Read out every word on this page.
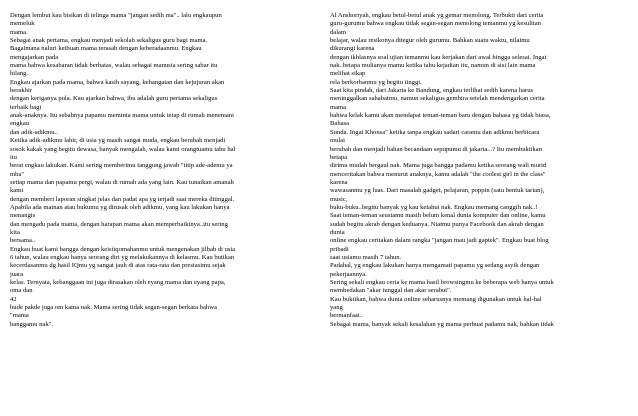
Dengan lembut kau bisikan di telinga mama "jangan sedih ma".. lalu engkaupun
memeluk
mama.
Sebagai anak pertama, engkau menjadi sekolah sekaligus guru bagi mama.
Bagaimana naluri keibuan mama terasah dengan keberadaanmu. Engkau
mengajarkan pada
mama bahwa kesabaran tidak berbatas, walau sebagai manusia sering sabar itu
hilang.
Engkau ajarkan pada mama, bahwa kasih sayang, kehangatan dan kejujuran akan
berakhir
dengan keriganya pula. Kau ajarkan bahwa, ibu adalah guru pertama sekaligus
terbaik bagi
anak-anaknya. Itu sebabnya papamu meminta mama untuk tetap di rumah menemani
engkau
dan adik-adikmu..
Ketika adik-adikmu lahir, di usia yg masih sangat muda, engkau berubah menjadi
sosok kakak yang begitu dewasa, banyak mengalah, walau kami orangtuamu tahu hal
itu
berat engkau lakukan. Kami sering memberimu tanggung jawab "titip ade-ademu ya
mba"
setiap mama dan papamu pergi, walau di rumah ada yang lain. Kau tunaikan amanah
kami
dengan memberi laporan singkat jelas dan padat apa yg terjadi saat mereka ditinggal.
Apabila ada mainan atau bukumu yg dirusak oleh adikmu, yang kau lakukan hanya
menangis
dan mengadu pada mama, dengan harapan mama akan memperbaikinya..itu sering
kita
bersama..
Engkau buat kami bangga dengan keistiqomahanmu untuk mengenakan jilbab di usia
6 tahun, walau engkau hanya seorang diri yg melakukannya di kelasmu. Kau butikan
kecerdasanmu dg hasil IQmu yg sangat jauh di atas rata-rata dan prestasimu sejak
juara
kelas. Ternyata, kebanggaan ini juga dirasakan oleh eyang mama dan eyang papa,
oma dan
42
bude pakde juga om kama nak. Mama sering tidak segan-segan berkata bahwa
"mama
banggamu nak".
Al Anshoriyah, engkau betul-betul anak yg gemar menolong. Terbukti dari cerita
guru-gurumu bahwa engkau tidak segan-segan menolong temanmu yg kesulitan
dalam
belajar, walau resikonya ditegur oleh gurumu. Bahkan suatu waktu, nilaimu
dikurangi karena
dengan ikhlasnya soal ujian temanmu kau kerjakan dari awal hingga selesai. Ingat
nak..betapa mulianya mamu ketika tahu kejadian itu, namun di sisi lain mama
melihat sikap
rela berkorbanmu yg begitu tinggi.
Saat kita pindah, dari Jakarta ke Bandung, engkau terlihat sedih karena harus
meninggalkan sahabatmu, namun sekaligus gembira setelah mendengarkan cerita
mama
bahwa kelak kamu akan mendapat teman-teman baru dengan bahasa yg tidak biasa,
Bahasa
Sunda. Ingat Khonsa" ketika tanpa engkau sadari caramu dan adikmu berbicara
mulai
berubah dan menjadi bahan becandaan sepupumu di jakarta...? Itu membuktikan
betapa
dirimu mudah bergaul nak. Mama juga bangga padamu ketika seorang wali murid
menceritakan bahwa menurut anaknya, kamu adalah "the coolest girl in the class"
karena
wawasanmu yg luas. Dari masalah gadget, pelajaran, poppin (satu bentuk tarian),
music,
buku-buku..begitu banyak yg kau ketahui nak. Engkau memang canggih nak..!
Saat teman-teman seusiamu masih belum kenal dunia komputer dan online, kamu
sudah begitu akrab dengan keduanya. Niatmu punya Facebook dan akrab dengan
dunia
online engkau ceritakan dalam rangka "jangan mau jadi gaptek". Engkau buat blog
pribadi
saat usiamu masih 7 tahun.
Padahal, yg engkau lakukan hanya mengamati papamu yg sedang asyik dengan
pekerjaannya.
Sering sekali engkau ceria ke mama hasil browsingmu ke beberapa web hanya untuk
membedakan "akar tunggal dan akar serabut".
Kau buktikan, bahwa dunia online seharusnya memang digunakan untuk hal-hal
yang
bermanfaat..
Sebagai mama, banyak sekali kesalahan yg mama perbuat padamu nak, bahkan tidak
